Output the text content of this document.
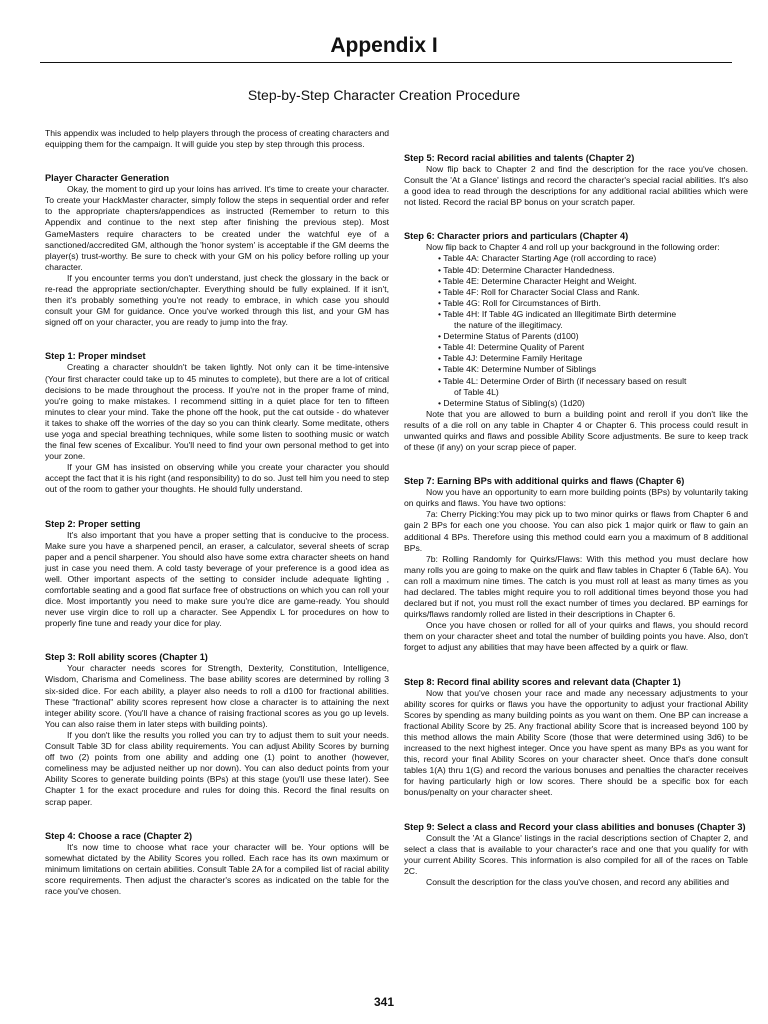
Appendix I
Step-by-Step Character Creation Procedure

This appendix was included to help players through the process of creating characters and equipping them for the campaign. It will guide you step by step through this process.

Player Character Generation

Okay, the moment to gird up your loins has arrived. It's time to create your character. To create your HackMaster character, simply follow the steps in sequential order and refer to the appropriate chapters/appendices as instructed (Remember to return to this Appendix and continue to the next step after finishing the previous step). Most GameMasters require characters to be created under the watchful eye of a sanctioned/accredited GM, although the 'honor system' is acceptable if the GM deems the player(s) trust-worthy. Be sure to check with your GM on his policy before rolling up your character.

If you encounter terms you don't understand, just check the glossary in the back or re-read the appropriate section/chapter. Everything should be fully explained. If it isn't, then it's probably something you're not ready to embrace, in which case you should consult your GM for guidance. Once you've worked through this list, and your GM has signed off on your character, you are ready to jump into the fray.

Step 1: Proper mindset

Creating a character shouldn't be taken lightly. Not only can it be time-intensive (Your first character could take up to 45 minutes to complete), but there are a lot of critical decisions to be made throughout the process. If you're not in the proper frame of mind, you're going to make mistakes. I recommend sitting in a quiet place for ten to fifteen minutes to clear your mind. Take the phone off the hook, put the cat outside - do whatever it takes to shake off the worries of the day so you can think clearly. Some meditate, others use yoga and special breathing techniques, while some listen to soothing music or watch the final few scenes of Excalibur. You'll need to find your own personal method to get into your zone.

If your GM has insisted on observing while you create your character you should accept the fact that it is his right (and responsibility) to do so. Just tell him you need to step out of the room to gather your thoughts. He should fully understand.

Step 2: Proper setting

It's also important that you have a proper setting that is conducive to the process. Make sure you have a sharpened pencil, an eraser, a calculator, several sheets of scrap paper and a pencil sharpener. You should also have some extra character sheets on hand just in case you need them. A cold tasty beverage of your preference is a good idea as well. Other important aspects of the setting to consider include adequate lighting , comfortable seating and a good flat surface free of obstructions on which you can roll your dice. Most importantly you need to make sure you're dice are game-ready. You should never use virgin dice to roll up a character. See Appendix L for procedures on how to properly fine tune and ready your dice for play.

Step 3: Roll ability scores (Chapter 1)

Your character needs scores for Strength, Dexterity, Constitution, Intelligence, Wisdom, Charisma and Comeliness. The base ability scores are determined by rolling 3 six-sided dice. For each ability, a player also needs to roll a d100 for fractional abilities. These "fractional" ability scores represent how close a character is to attaining the next integer ability score. (You'll have a chance of raising fractional scores as you go up levels. You can also raise them in later steps with building points).

If you don't like the results you rolled you can try to adjust them to suit your needs. Consult Table 3D for class ability requirements. You can adjust Ability Scores by burning off two (2) points from one ability and adding one (1) point to another (however, comeliness may be adjusted neither up nor down). You can also deduct points from your Ability Scores to generate building points (BPs) at this stage (you'll use these later). See Chapter 1 for the exact procedure and rules for doing this. Record the final results on scrap paper.

Step 4: Choose a race (Chapter 2)

It's now time to choose what race your character will be. Your options will be somewhat dictated by the Ability Scores you rolled. Each race has its own maximum or minimum limitations on certain abilities. Consult Table 2A for a compiled list of racial ability score requirements. Then adjust the character's scores as indicated on the table for the race you've chosen.

Step 5: Record racial abilities and talents (Chapter 2)

Now flip back to Chapter 2 and find the description for the race you've chosen. Consult the 'At a Glance' listings and record the character's special racial abilities. It's also a good idea to read through the descriptions for any additional racial abilities which were not listed. Record the racial BP bonus on your scratch paper.

Step 6: Character priors and particulars (Chapter 4)

Now flip back to Chapter 4 and roll up your background in the following order:

• Table 4A: Character Starting Age (roll according to race)
• Table 4D: Determine Character Handedness.
• Table 4E: Determine Character Height and Weight.
• Table 4F: Roll for Character Social Class and Rank.
• Table 4G: Roll for Circumstances of Birth.
• Table 4H: If Table 4G indicated an Illegitimate Birth determine
the nature of the illegitimacy.
• Determine Status of Parents (d100)
• Table 4I: Determine Quality of Parent
• Table 4J: Determine Family Heritage
• Table 4K: Determine Number of Siblings
• Table 4L: Determine Order of Birth (if necessary based on result
of Table 4L)
• Determine Status of Sibling(s) (1d20)

Note that you are allowed to burn a building point and reroll if you don't like the results of a die roll on any table in Chapter 4 or Chapter 6. This process could result in unwanted quirks and flaws and possible Ability Score adjustments. Be sure to keep track of these (if any) on your scrap piece of paper.

Step 7: Earning BPs with additional quirks and flaws (Chapter 6)

Now you have an opportunity to earn more building points (BPs) by voluntarily taking on quirks and flaws. You have two options:

7a: Cherry Picking:You may pick up to two minor quirks or flaws from Chapter 6 and gain 2 BPs for each one you choose. You can also pick 1 major quirk or flaw to gain an additional 4 BPs. Therefore using this method could earn you a maximum of 8 additional BPs.

7b: Rolling Randomly for Quirks/Flaws: With this method you must declare how many rolls you are going to make on the quirk and flaw tables in Chapter 6 (Table 6A). You can roll a maximum nine times. The catch is you must roll at least as many times as you had declared. The tables might require you to roll additional times beyond those you had declared but if not, you must roll the exact number of times you declared. BP earnings for quirks/flaws randomly rolled are listed in their descriptions in Chapter 6.

Once you have chosen or rolled for all of your quirks and flaws, you should record them on your character sheet and total the number of building points you have. Also, don't forget to adjust any abilities that may have been affected by a quirk or flaw.

Step 8: Record final ability scores and relevant data (Chapter 1)

Now that you've chosen your race and made any necessary adjustments to your ability scores for quirks or flaws you have the opportunity to adjust your fractional Ability Scores by spending as many building points as you want on them. One BP can increase a fractional Ability Score by 25. Any fractional ability Score that is increased beyond 100 by this method allows the main Ability Score (those that were determined using 3d6) to be increased to the next highest integer. Once you have spent as many BPs as you want for this, record your final Ability Scores on your character sheet. Once that's done consult tables 1(A) thru 1(G) and record the various bonuses and penalties the character receives for having particularly high or low scores. There should be a specific box for each bonus/penalty on your character sheet.

Step 9: Select a class and Record your class abilities and bonuses (Chapter 3)

Consult the 'At a Glance' listings in the racial descriptions section of Chapter 2, and select a class that is available to your character's race and one that you qualify for with your current Ability Scores. This information is also compiled for all of the races on Table 2C.

Consult the description for the class you've chosen, and record any abilities and

341
